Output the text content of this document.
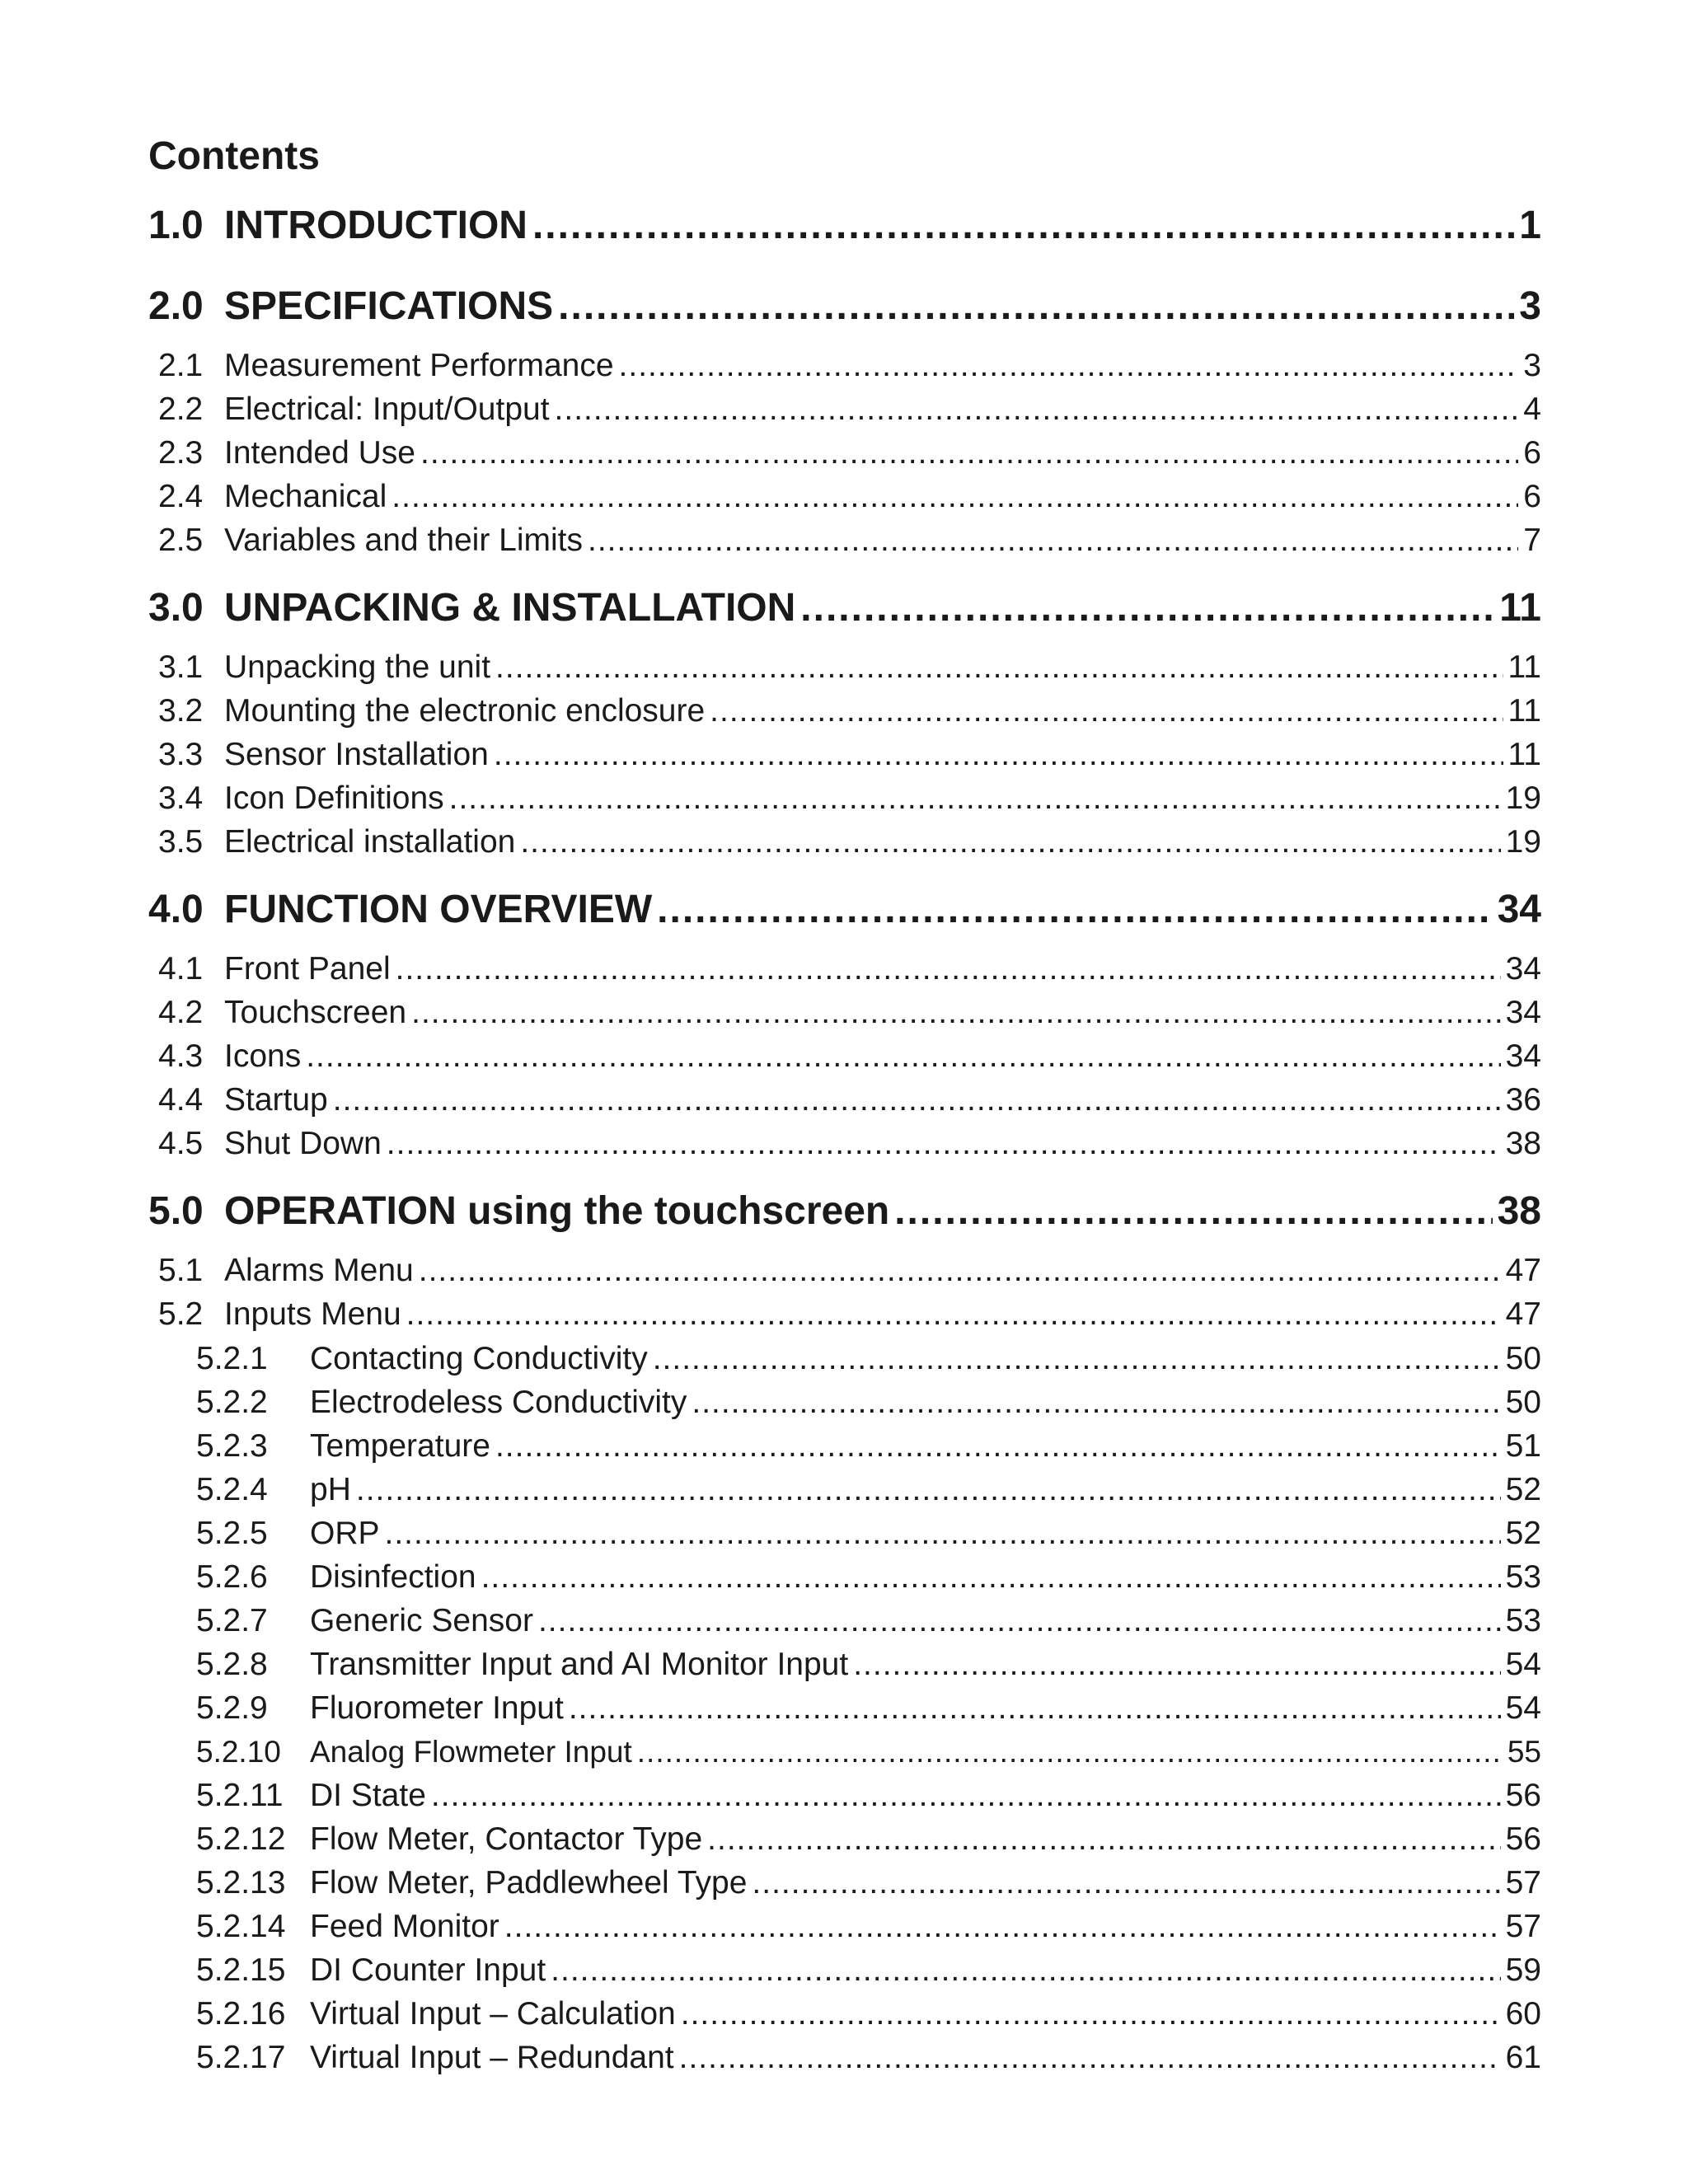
Contents
1.0 INTRODUCTION .....	1
2.0 SPECIFICATIONS .....	3
2.1 Measurement Performance .....	3
2.2 Electrical: Input/Output .....	4
2.3 Intended Use .....	6
2.4 Mechanical .....	6
2.5 Variables and their Limits .....	7
3.0 UNPACKING & INSTALLATION .....	11
3.1 Unpacking the unit .....	11
3.2 Mounting the electronic enclosure .....	11
3.3 Sensor Installation .....	11
3.4 Icon Definitions .....	19
3.5 Electrical installation .....	19
4.0 FUNCTION OVERVIEW .....	34
4.1 Front Panel .....	34
4.2 Touchscreen .....	34
4.3 Icons .....	34
4.4 Startup .....	36
4.5 Shut Down .....	38
5.0 OPERATION using the touchscreen .....	38
5.1 Alarms Menu .....	47
5.2 Inputs Menu .....	47
5.2.1	Contacting Conductivity .....	50
5.2.2	Electrodeless Conductivity .....	50
5.2.3	Temperature .....	51
5.2.4	pH .....	52
5.2.5	ORP .....	52
5.2.6	Disinfection .....	53
5.2.7	Generic Sensor .....	53
5.2.8	Transmitter Input and AI Monitor Input .....	54
5.2.9	Fluorometer Input .....	54
5.2.10 Analog Flowmeter Input .....	55
5.2.11 DI State .....	56
5.2.12 Flow Meter, Contactor Type .....	56
5.2.13 Flow Meter, Paddlewheel Type .....	57
5.2.14 Feed Monitor .....	57
5.2.15 DI Counter Input .....	59
5.2.16 Virtual Input – Calculation .....	60
5.2.17 Virtual Input – Redundant .....	61
